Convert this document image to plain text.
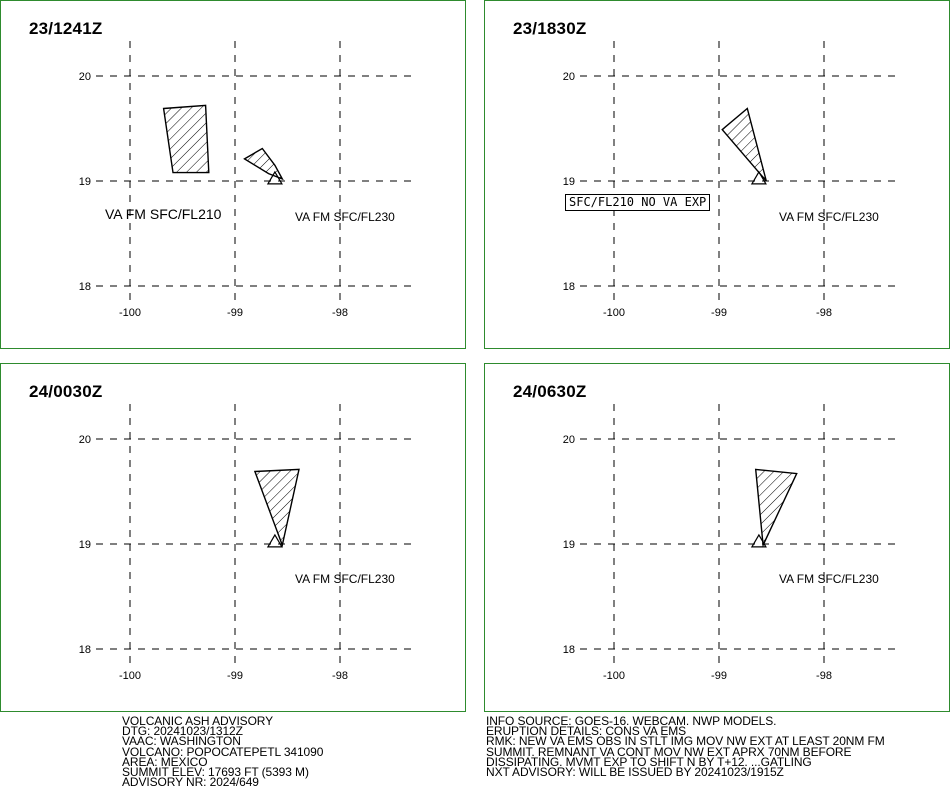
-100	-99	-98
20
19
18
23/1241Z
VA FM SFC/FL210	VA FM SFC/FL230
-100	-99	-98
20
19
18
23/1830Z
SFC/FL210 NO VA EXP
VA FM SFC/FL230
-100	-99	-98
20
19
18
24/0030Z
VA FM SFC/FL230
-100	-99	-98
20
19
18
24/0630Z
VA FM SFC/FL230
VOLCANIC ASH ADVISORY
DTG: 20241023/1312Z
VAAC: WASHINGTON
VOLCANO: POPOCATEPETL 341090
AREA: MEXICO
SUMMIT ELEV: 17693 FT (5393 M)
ADVISORY NR: 2024/649
INFO SOURCE: GOES-16. WEBCAM. NWP MODELS.
ERUPTION DETAILS: CONS VA EMS
RMK: NEW VA EMS OBS IN STLT IMG MOV NW EXT AT LEAST 20NM FM
SUMMIT. REMNANT VA CONT MOV NW EXT APRX 70NM BEFORE
DISSIPATING. MVMT EXP TO SHIFT N BY T+12. ...GATLING
NXT ADVISORY: WILL BE ISSUED BY 20241023/1915Z
